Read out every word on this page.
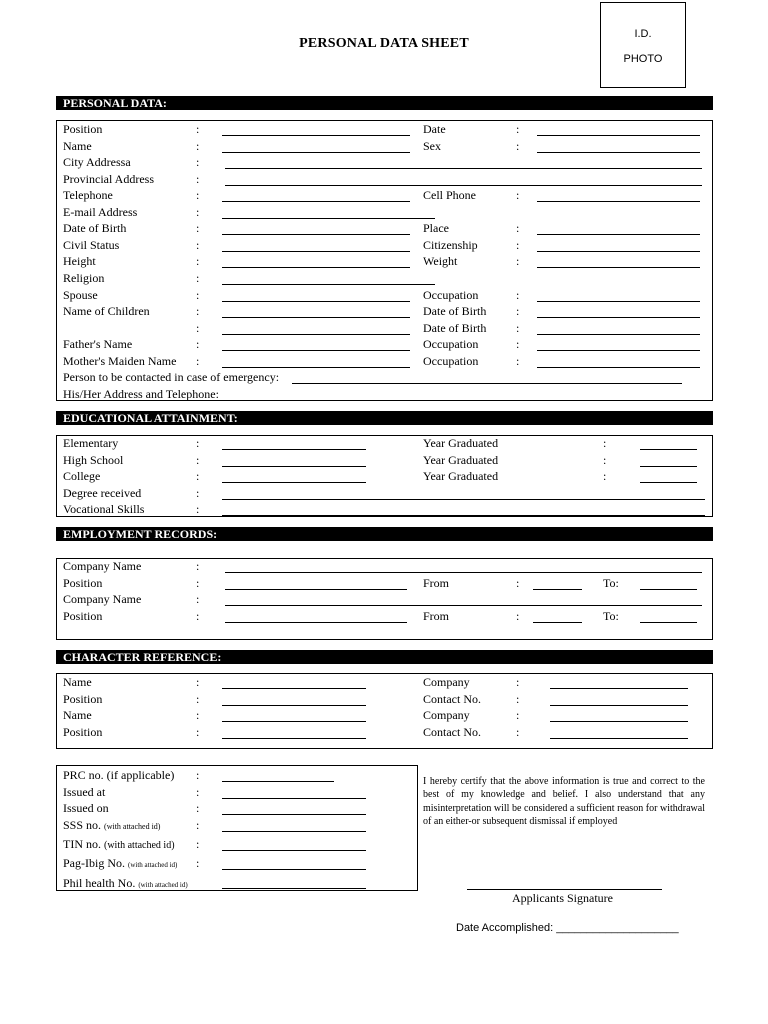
PERSONAL DATA SHEET
I.D.
PHOTO
PERSONAL DATA:
EDUCATIONAL ATTAINMENT:
EMPLOYMENT RECORDS:
CHARACTER REFERENCE:
Position	:	Date	:
Name	:	Sex	:
City Addressa	:
Provincial Address	:
Telephone	:	Cell Phone	:
E-mail Address	:
Date of Birth	:	Place	:
Civil Status	:	Citizenship	:
Height	:	Weight	:
Religion	:
Spouse	:	Occupation	:
Name of Children	:	Date of Birth :
:	Date of Birth :
Father's Name	:	Occupation	:
Mother's Maiden Name :	Occupation	:
Elementary	:	Year Graduated	:
High School	:	Year Graduated	:
College	:	Year Graduated	:
Degree received	:
Vocational Skills	:
Company Name	:
Position	:	From	:	To:
Company Name	:
Position	:	From	:	To:
Name	:	Company	:
Position	:	Contact No.	:
Name	:	Company	:
Position	:	Contact No.	:
Person to be contacted in case of emergency:
His/Her Address and Telephone:
PRC no. (if applicable) :
Issued at	:
Issued on	:
SSS no. (with attached id)	:
TIN no. (with attached id) :
Pag-Ibig No. (with attached id) :
Phil health No. (with attached id)
I hereby certify that the above information is true and correct to the best of my knowledge and belief. I also understand that any misinterpretation will be considered a sufficient reason for withdrawal of an either-or subsequent dismissal if employed
Applicants Signature
Date Accomplished: ____________________
